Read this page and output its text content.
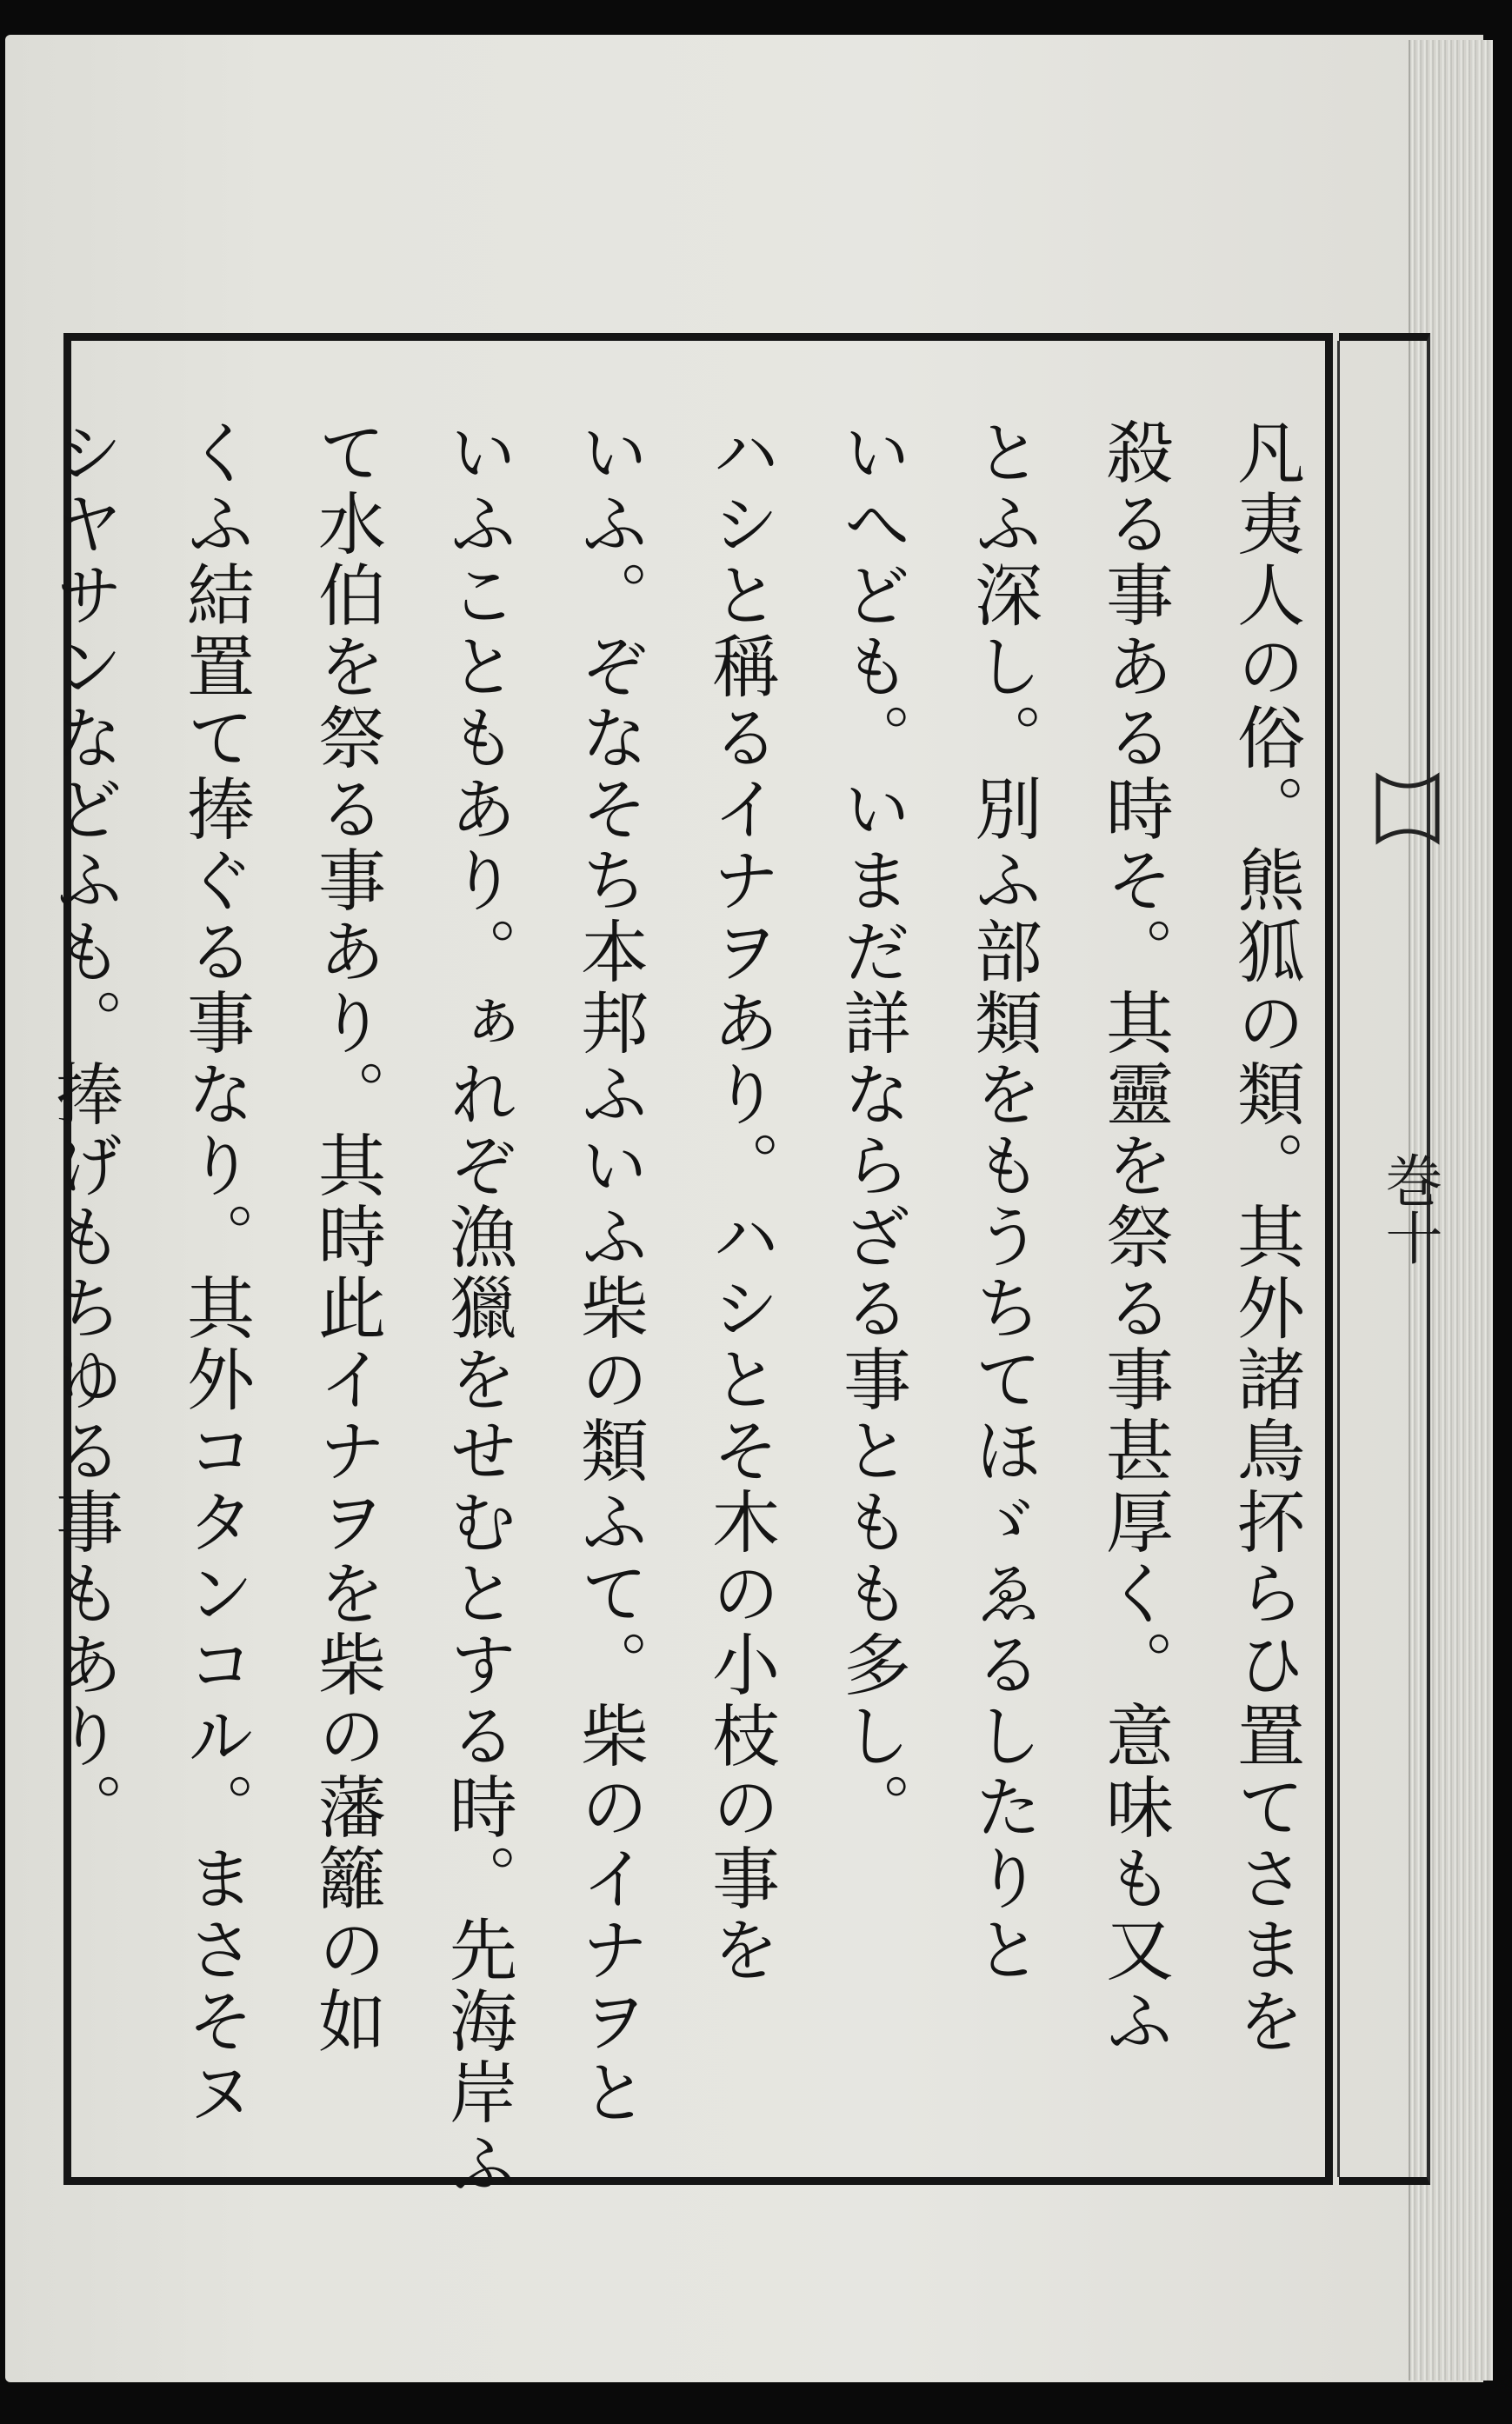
巻十
凡夷人の俗。熊狐の類。其外諸鳥抔らひ置てさまを
殺る事ある時そ。其靈を祭る事甚厚く。意味も又ふ
とふ深し。別ふ部類をもうちてほゞゑるしたりと
いへども。いまだ詳ならざる事ともも多し。
ハシと稱るイナヲあり。ハシとそ木の小枝の事を
いふ。ぞなそち本邦ふいふ柴の類ふて。柴のイナヲと
いふこともあり。ぁれぞ漁獵をせむとする時。先海岸ふ
て水伯を祭る事あり。其時此イナヲを柴の藩籬の如
くふ結置て捧ぐる事なり。其外コタンコル。まさそヌ
シヤサンなどふも。捧げもちゆる事もあり。
